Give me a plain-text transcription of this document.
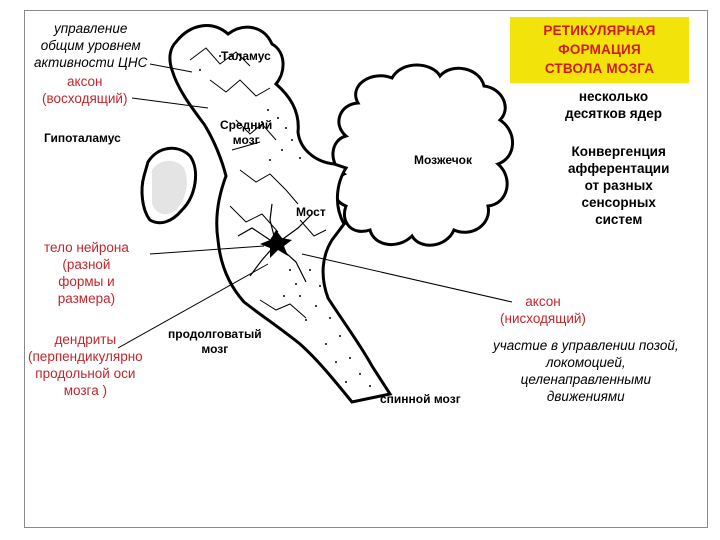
РЕТИКУЛЯРНАЯ
ФОРМАЦИЯ
СТВОЛА МОЗГА
управление
общим уровнем
активности ЦНС
аксон
(восходящий)
Гипоталамус
Таламус
Средний
мозг
Мозжечок
Мост
тело нейрона
(разной
формы и
размера)
дендриты
(перпендикулярно
продольной оси
мозга )
продолговатый
мозг
спинной мозг
аксон
(нисходящий)
несколько
десятков ядер
Конвергенция
афферентации
от разных
сенсорных
систем
участие в управлении позой,
локомоцией,
целенаправленными
движениями
